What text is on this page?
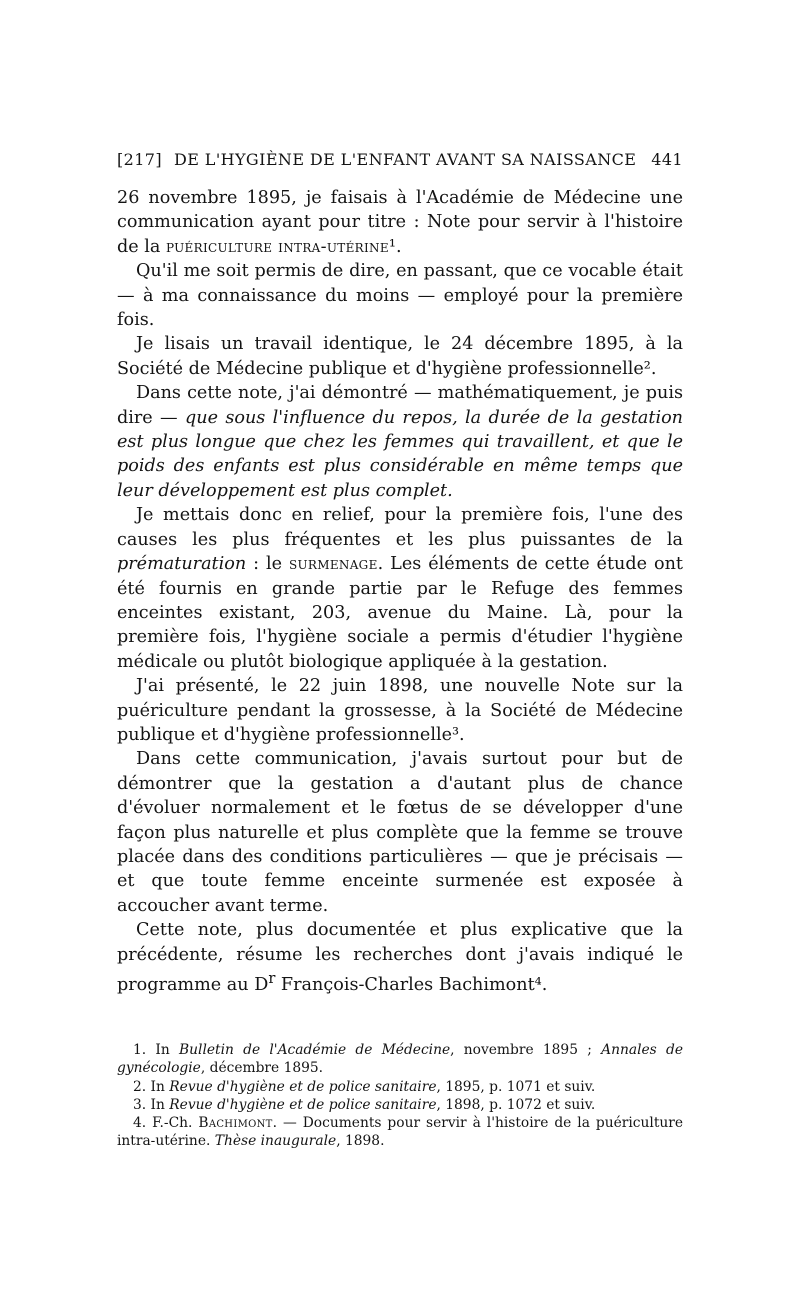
[217] DE L'HYGIÈNE DE L'ENFANT AVANT SA NAISSANCE 441

26 novembre 1895, je faisais à l'Académie de Médecine une communication ayant pour titre : Note pour servir à l'histoire de la puériculture intra-utérine¹.

Qu'il me soit permis de dire, en passant, que ce vocable était — à ma connaissance du moins — employé pour la première fois.

Je lisais un travail identique, le 24 décembre 1895, à la Société de Médecine publique et d'hygiène professionnelle².

Dans cette note, j'ai démontré — mathématiquement, je puis dire — que sous l'influence du repos, la durée de la gestation est plus longue que chez les femmes qui travaillent, et que le poids des enfants est plus considérable en même temps que leur développement est plus complet.

Je mettais donc en relief, pour la première fois, l'une des causes les plus fréquentes et les plus puissantes de la prématuration : le surmenage. Les éléments de cette étude ont été fournis en grande partie par le Refuge des femmes enceintes existant, 203, avenue du Maine. Là, pour la première fois, l'hygiène sociale a permis d'étudier l'hygiène médicale ou plutôt biologique appliquée à la gestation.

J'ai présenté, le 22 juin 1898, une nouvelle Note sur la puériculture pendant la grossesse, à la Société de Médecine publique et d'hygiène professionnelle³.

Dans cette communication, j'avais surtout pour but de démontrer que la gestation a d'autant plus de chance d'évoluer normalement et le fœtus de se développer d'une façon plus naturelle et plus complète que la femme se trouve placée dans des conditions particulières — que je précisais — et que toute femme enceinte surmenée est exposée à accoucher avant terme.

Cette note, plus documentée et plus explicative que la précédente, résume les recherches dont j'avais indiqué le programme au $D^r$ François-Charles Bachimont⁴.

1. In Bulletin de l'Académie de Médecine, novembre 1895 ; Annales de gynécologie, décembre 1895.

2. In Revue d'hygiène et de police sanitaire, 1895, p. 1071 et suiv.

3. In Revue d'hygiène et de police sanitaire, 1898, p. 1072 et suiv.

4. F.-Ch. Bachimont. — Documents pour servir à l'histoire de la puériculture intra-utérine. Thèse inaugurale, 1898.
